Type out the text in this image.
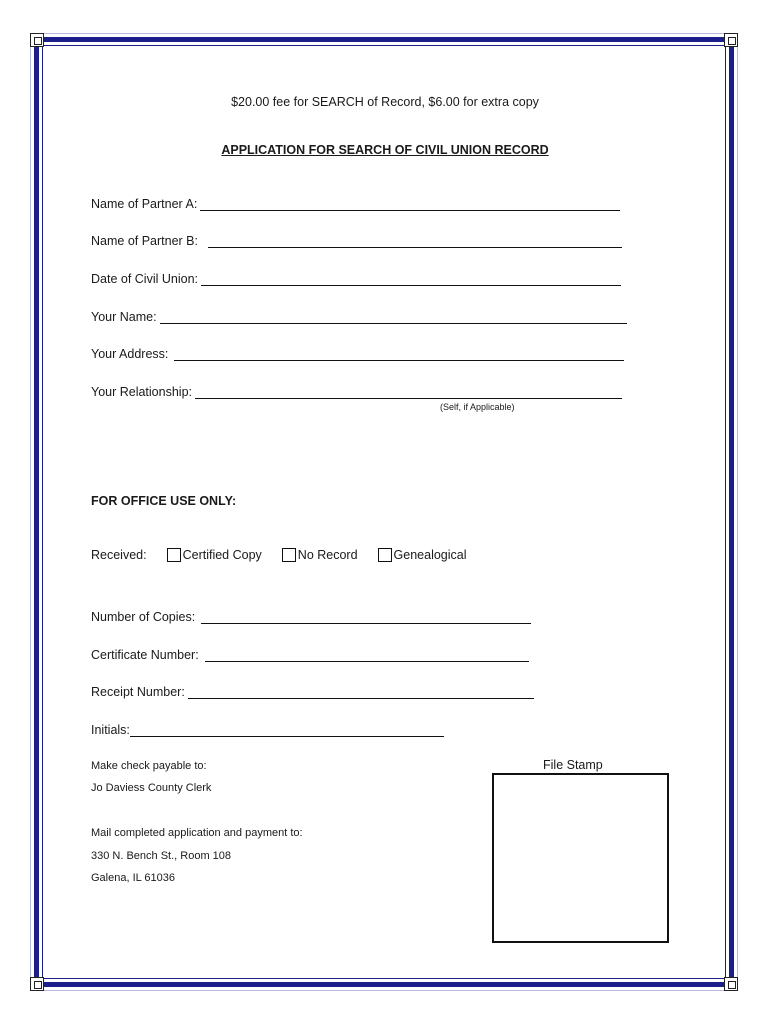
$20.00 fee for SEARCH of Record, $6.00 for extra copy
APPLICATION FOR SEARCH OF CIVIL UNION RECORD
Name of Partner A:
Name of Partner B:
Date of Civil Union:
Your Name:
Your Address:
Your Relationship:
(Self, if Applicable)
FOR OFFICE USE ONLY:
Received:	Certified Copy	No Record	Genealogical
Number of Copies:
Certificate Number:
Receipt Number:
Initials:
Make check payable to:
Jo Daviess County Clerk
Mail completed application and payment to:
330 N. Bench St., Room 108
Galena, IL 61036
File Stamp
